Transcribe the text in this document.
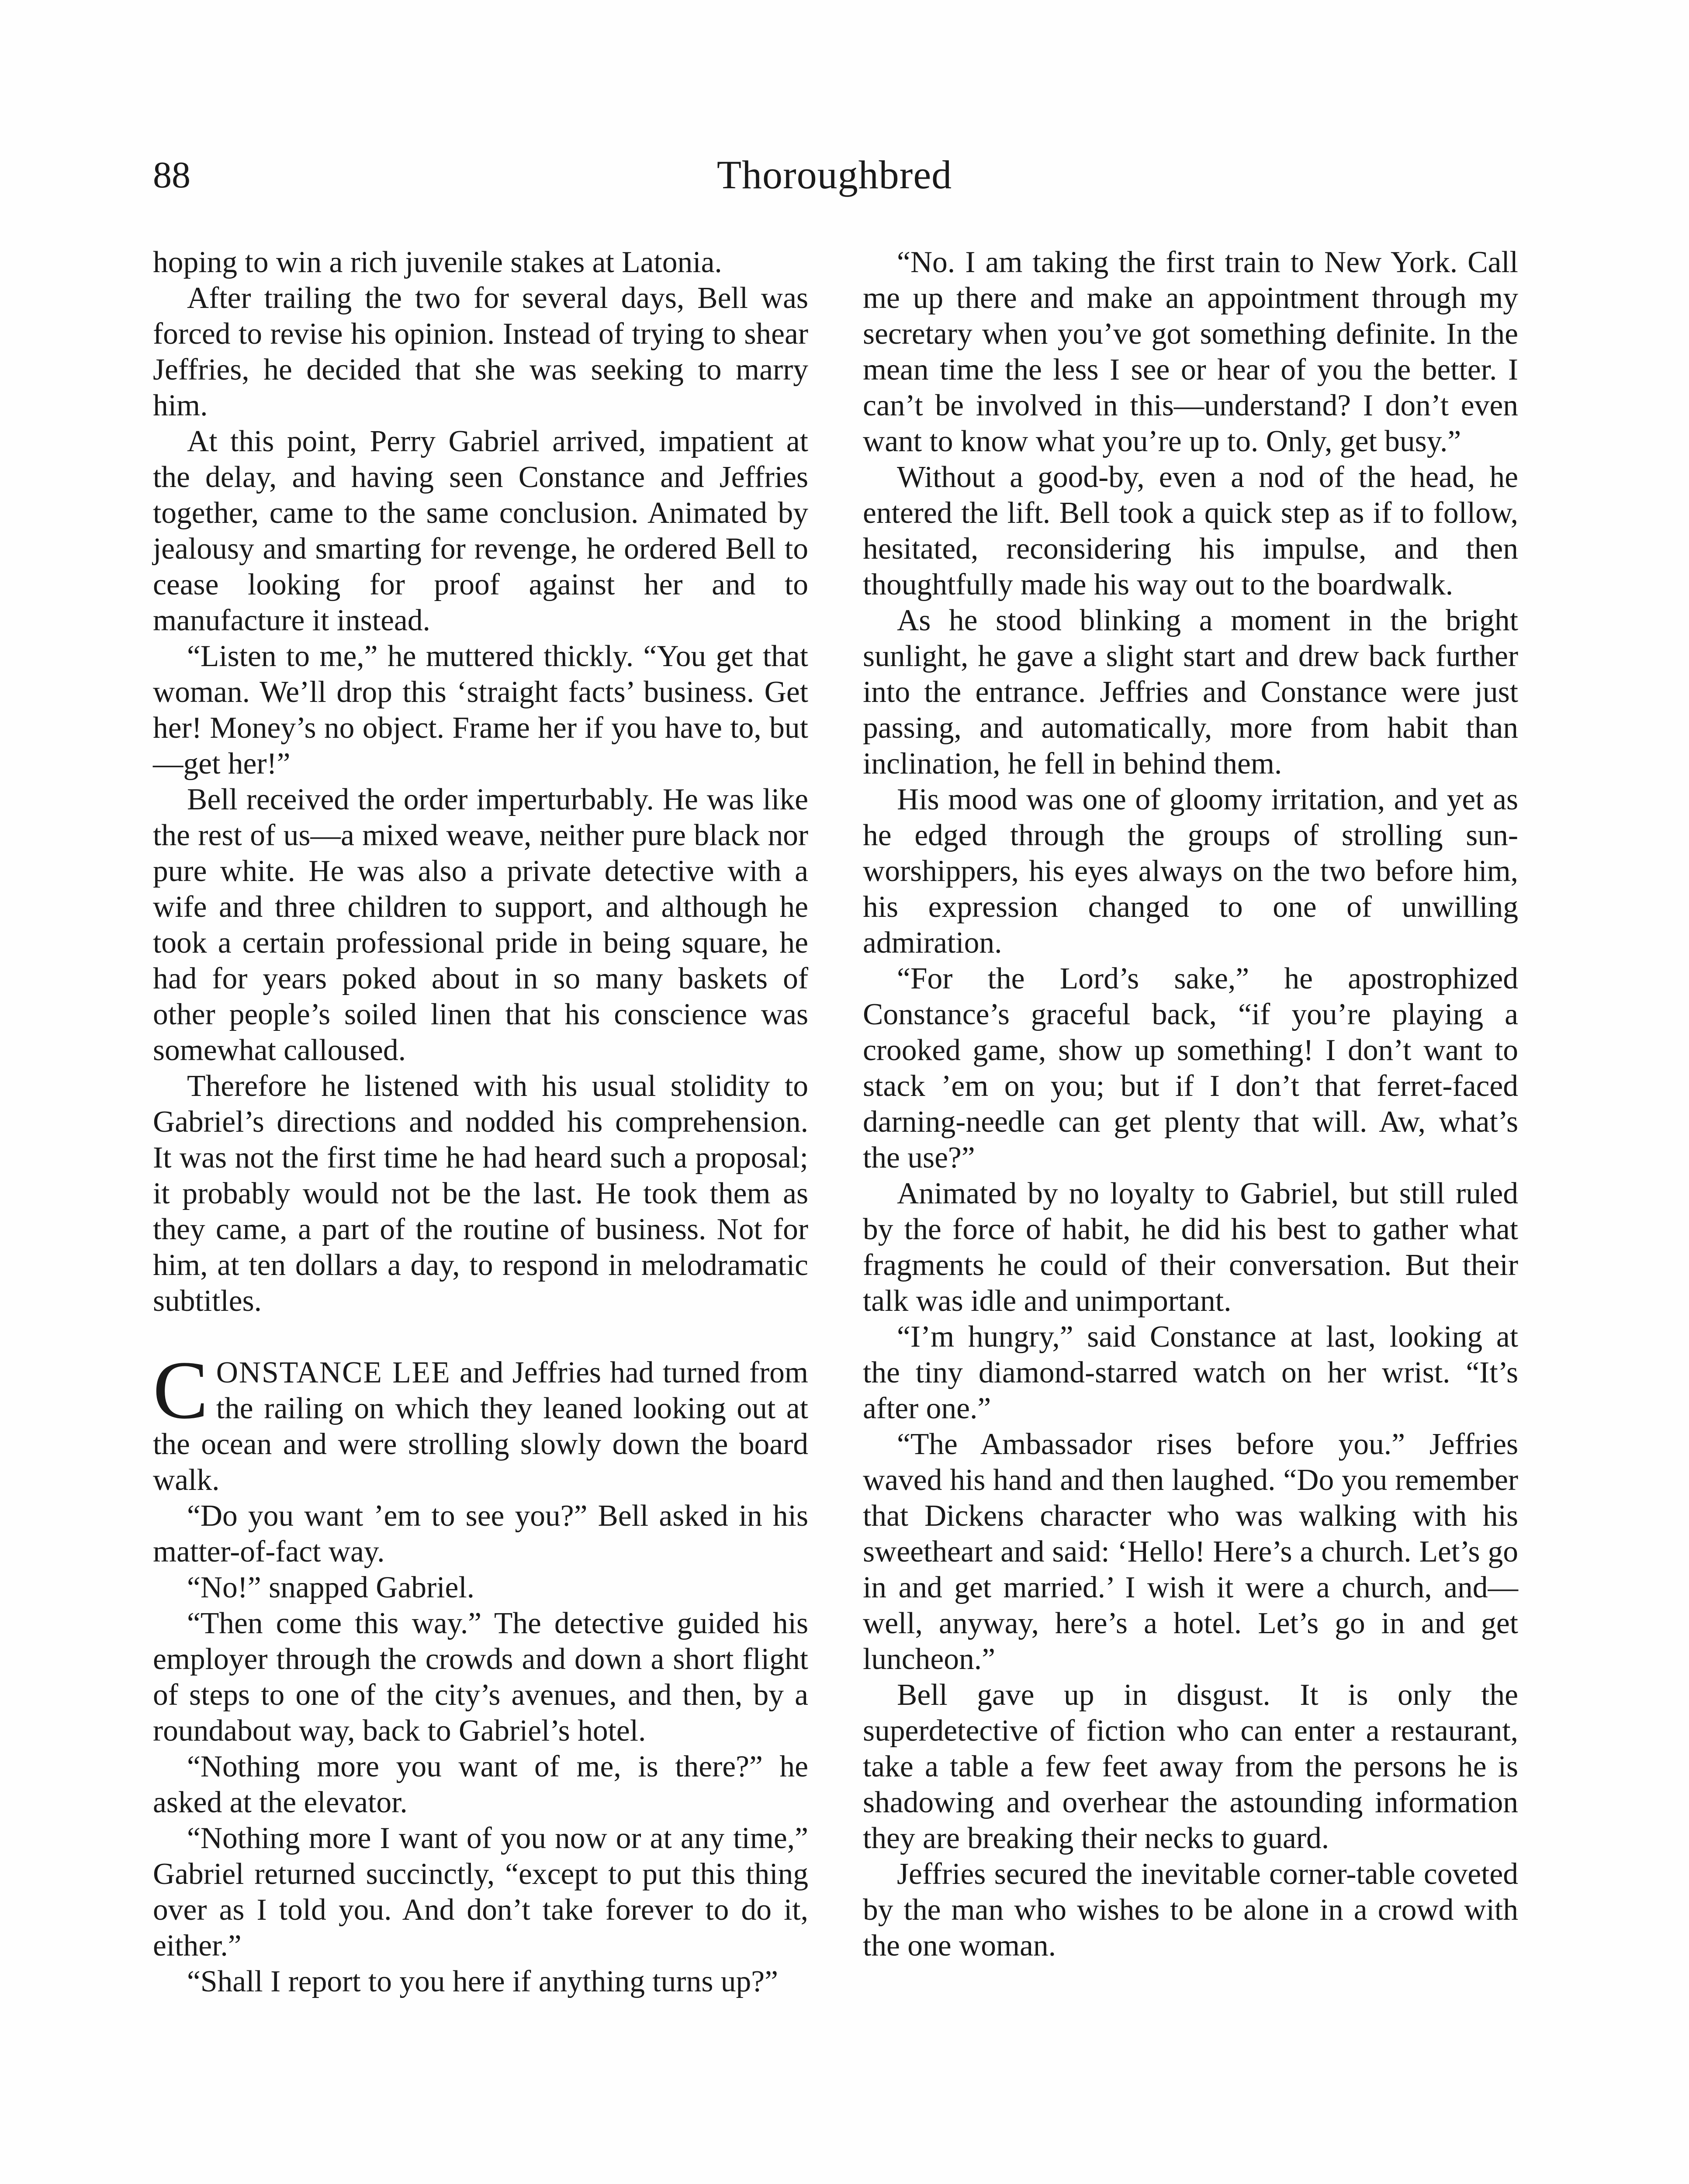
88	Thoroughbred

hoping to win a rich juvenile stakes at Latonia.

After trailing the two for several days, Bell was forced to revise his opinion. Instead of trying to shear Jeffries, he decided that she was seeking to marry him.

At this point, Perry Gabriel arrived, impatient at the delay, and having seen Constance and Jeffries together, came to the same conclusion. Animated by jealousy and smarting for revenge, he ordered Bell to cease looking for proof against her and to manufacture it instead.

“Listen to me,” he muttered thickly. “You get that woman. We’ll drop this ‘straight facts’ business. Get her! Money’s no object. Frame her if you have to, but—get her!”

Bell received the order imperturbably. He was like the rest of us—a mixed weave, neither pure black nor pure white. He was also a private detective with a wife and three children to support, and although he took a certain professional pride in being square, he had for years poked about in so many baskets of other people’s soiled linen that his conscience was somewhat calloused.

Therefore he listened with his usual stolidity to Gabriel’s directions and nodded his comprehension. It was not the first time he had heard such a proposal; it probably would not be the last. He took them as they came, a part of the routine of business. Not for him, at ten dollars a day, to respond in melodramatic subtitles.

CONSTANCE LEE and Jeffries had turned from the railing on which they leaned looking out at the ocean and were strolling slowly down the board walk.

“Do you want ’em to see you?” Bell asked in his matter-of-fact way.

“No!” snapped Gabriel.

“Then come this way.” The detective guided his employer through the crowds and down a short flight of steps to one of the city’s avenues, and then, by a roundabout way, back to Gabriel’s hotel.

“Nothing more you want of me, is there?” he asked at the elevator.

“Nothing more I want of you now or at any time,” Gabriel returned succinctly, “except to put this thing over as I told you. And don’t take forever to do it, either.”

“Shall I report to you here if anything turns up?”

“No. I am taking the first train to New York. Call me up there and make an appointment through my secretary when you’ve got something definite. In the mean time the less I see or hear of you the better. I can’t be involved in this—understand? I don’t even want to know what you’re up to. Only, get busy.”

Without a good-by, even a nod of the head, he entered the lift. Bell took a quick step as if to follow, hesitated, reconsidering his impulse, and then thoughtfully made his way out to the boardwalk.

As he stood blinking a moment in the bright sunlight, he gave a slight start and drew back further into the entrance. Jeffries and Constance were just passing, and automatically, more from habit than inclination, he fell in behind them.

His mood was one of gloomy irritation, and yet as he edged through the groups of strolling sun-worshippers, his eyes always on the two before him, his expression changed to one of unwilling admiration.

“For the Lord’s sake,” he apostrophized Constance’s graceful back, “if you’re playing a crooked game, show up something! I don’t want to stack ’em on you; but if I don’t that ferret-faced darning-needle can get plenty that will. Aw, what’s the use?”

Animated by no loyalty to Gabriel, but still ruled by the force of habit, he did his best to gather what fragments he could of their conversation. But their talk was idle and unimportant.

“I’m hungry,” said Constance at last, looking at the tiny diamond-starred watch on her wrist. “It’s after one.”

“The Ambassador rises before you.” Jeffries waved his hand and then laughed. “Do you remember that Dickens character who was walking with his sweetheart and said: ‘Hello! Here’s a church. Let’s go in and get married.’ I wish it were a church, and—well, anyway, here’s a hotel. Let’s go in and get luncheon.”

Bell gave up in disgust. It is only the superdetective of fiction who can enter a restaurant, take a table a few feet away from the persons he is shadowing and overhear the astounding information they are breaking their necks to guard.

Jeffries secured the inevitable corner-table coveted by the man who wishes to be alone in a crowd with the one woman.
